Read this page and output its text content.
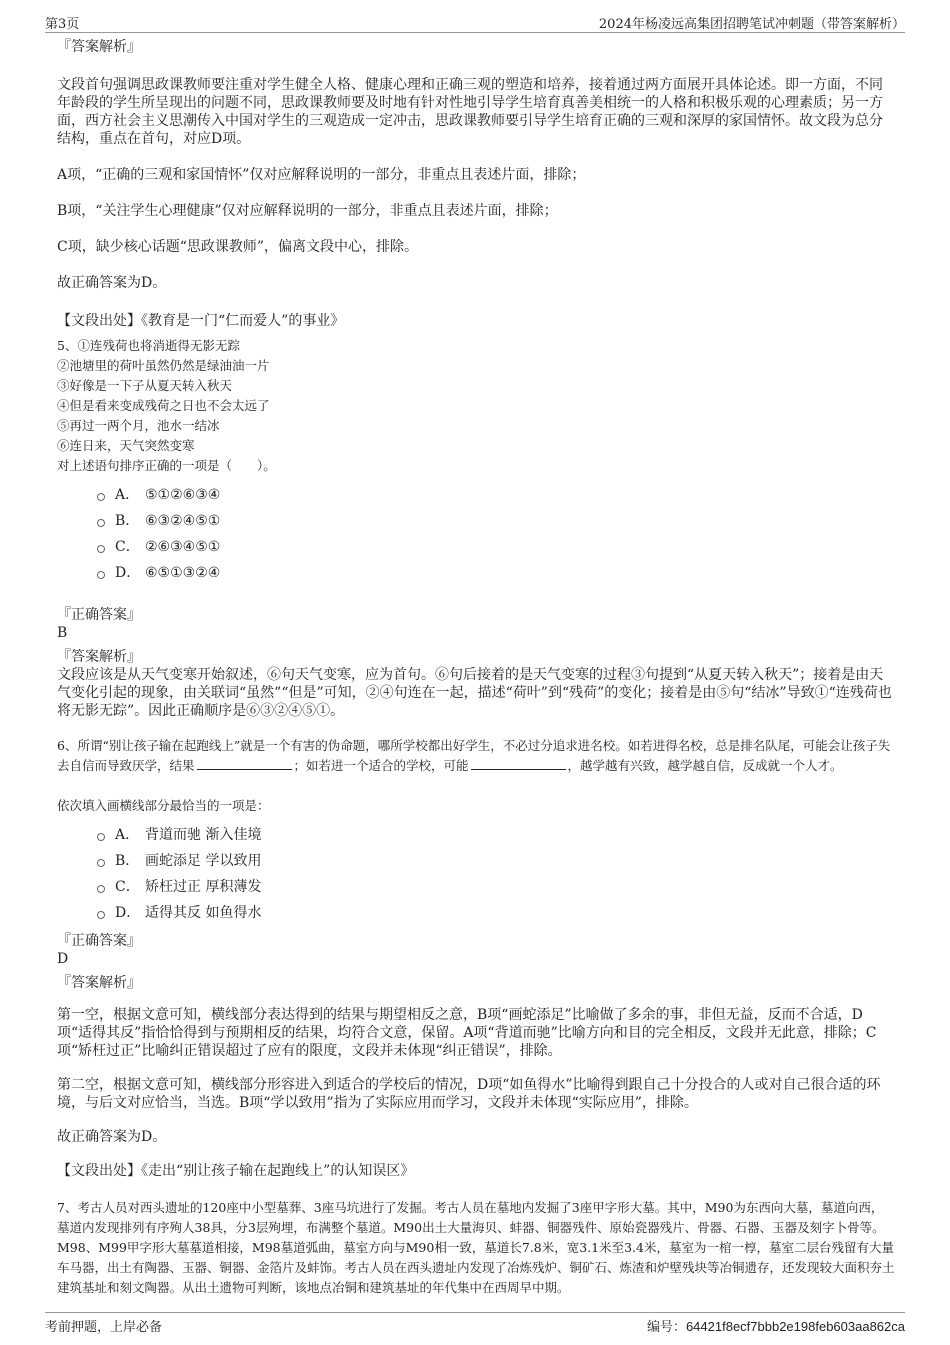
第3页	2024年杨凌远高集团招聘笔试冲刺题（带答案解析）

『答案解析』

文段首句强调思政课教师要注重对学生健全人格、健康心理和正确三观的塑造和培养，接着通过两方面展开具体论述。即一方面，不同年龄段的学生所呈现出的问题不同，思政课教师要及时地有针对性地引导学生培育真善美相统一的人格和积极乐观的心理素质；另一方面，西方社会主义思潮传入中国对学生的三观造成一定冲击，思政课教师要引导学生培育正确的三观和深厚的家国情怀。故文段为总分结构，重点在首句，对应D项。

A项，“正确的三观和家国情怀”仅对应解释说明的一部分，非重点且表述片面，排除；

B项，“关注学生心理健康”仅对应解释说明的一部分，非重点且表述片面，排除；

C项，缺少核心话题“思政课教师”，偏离文段中心，排除。

故正确答案为D。

【文段出处】《教育是一门“仁而爱人”的事业》

5、①连残荷也将消逝得无影无踪

②池塘里的荷叶虽然仍然是绿油油一片

③好像是一下子从夏天转入秋天

④但是看来变成残荷之日也不会太远了

⑤再过一两个月，池水一结冰

⑥连日来，天气突然变寒

对上述语句排序正确的一项是（　　）。

A． ⑤①②⑥③④
B． ⑥③②④⑤①
C． ②⑥③④⑤①
D． ⑥⑤①③②④

『正确答案』

B

『答案解析』

文段应该是从天气变寒开始叙述，⑥句天气变寒，应为首句。⑥句后接着的是天气变寒的过程③句提到“从夏天转入秋天”；接着是由天气变化引起的现象，由关联词“虽然”“但是”可知，②④句连在一起，描述“荷叶”到“残荷”的变化；接着是由⑤句“结冰”导致①“连残荷也将无影无踪”。因此正确顺序是⑥③②④⑤①。

6、所谓“别让孩子输在起跑线上”就是一个有害的伪命题，哪所学校都出好学生，不必过分追求进名校。如若进得名校，总是排名队尾，可能会让孩子失去自信而导致厌学，结果	；如若进一个适合的学校，可能	，越学越有兴致，越学越自信，反成就一个人才。

依次填入画横线部分最恰当的一项是：

A． 背道而驰 渐入佳境
B． 画蛇添足 学以致用
C． 矫枉过正 厚积薄发
D． 适得其反 如鱼得水

『正确答案』

D

『答案解析』

第一空，根据文意可知，横线部分表达得到的结果与期望相反之意，B项“画蛇添足”比喻做了多余的事，非但无益，反而不合适，D项“适得其反”指恰恰得到与预期相反的结果，均符合文意，保留。A项“背道而驰”比喻方向和目的完全相反，文段并无此意，排除；C项“矫枉过正”比喻纠正错误超过了应有的限度，文段并未体现“纠正错误”，排除。

第二空，根据文意可知，横线部分形容进入到适合的学校后的情况，D项“如鱼得水”比喻得到跟自己十分投合的人或对自己很合适的环境，与后文对应恰当，当选。B项“学以致用”指为了实际应用而学习，文段并未体现“实际应用”，排除。

故正确答案为D。

【文段出处】《走出“别让孩子输在起跑线上”的认知误区》

7、考古人员对西头遗址的120座中小型墓葬、3座马坑进行了发掘。考古人员在墓地内发掘了3座甲字形大墓。其中，M90为东西向大墓，墓道向西，墓道内发现排列有序殉人38具，分3层殉埋，布满整个墓道。M90出土大量海贝、蚌器、铜器残件、原始瓷器残片、骨器、石器、玉器及刻字卜骨等。M98、M99甲字形大墓墓道相接，M98墓道弧曲，墓室方向与M90相一致，墓道长7.8米，宽3.1米至3.4米，墓室为一棺一椁，墓室二层台残留有大量车马器，出土有陶器、玉器、铜器、金箔片及蚌饰。考古人员在西头遗址内发现了冶炼残炉、铜矿石、炼渣和炉壁残块等冶铜遗存，还发现较大面积夯土建筑基址和刻文陶器。从出土遗物可判断，该地点冶铜和建筑基址的年代集中在西周早中期。

考前押题，上岸必备	编号：64421f8ecf7bbb2e198feb603aa862ca
